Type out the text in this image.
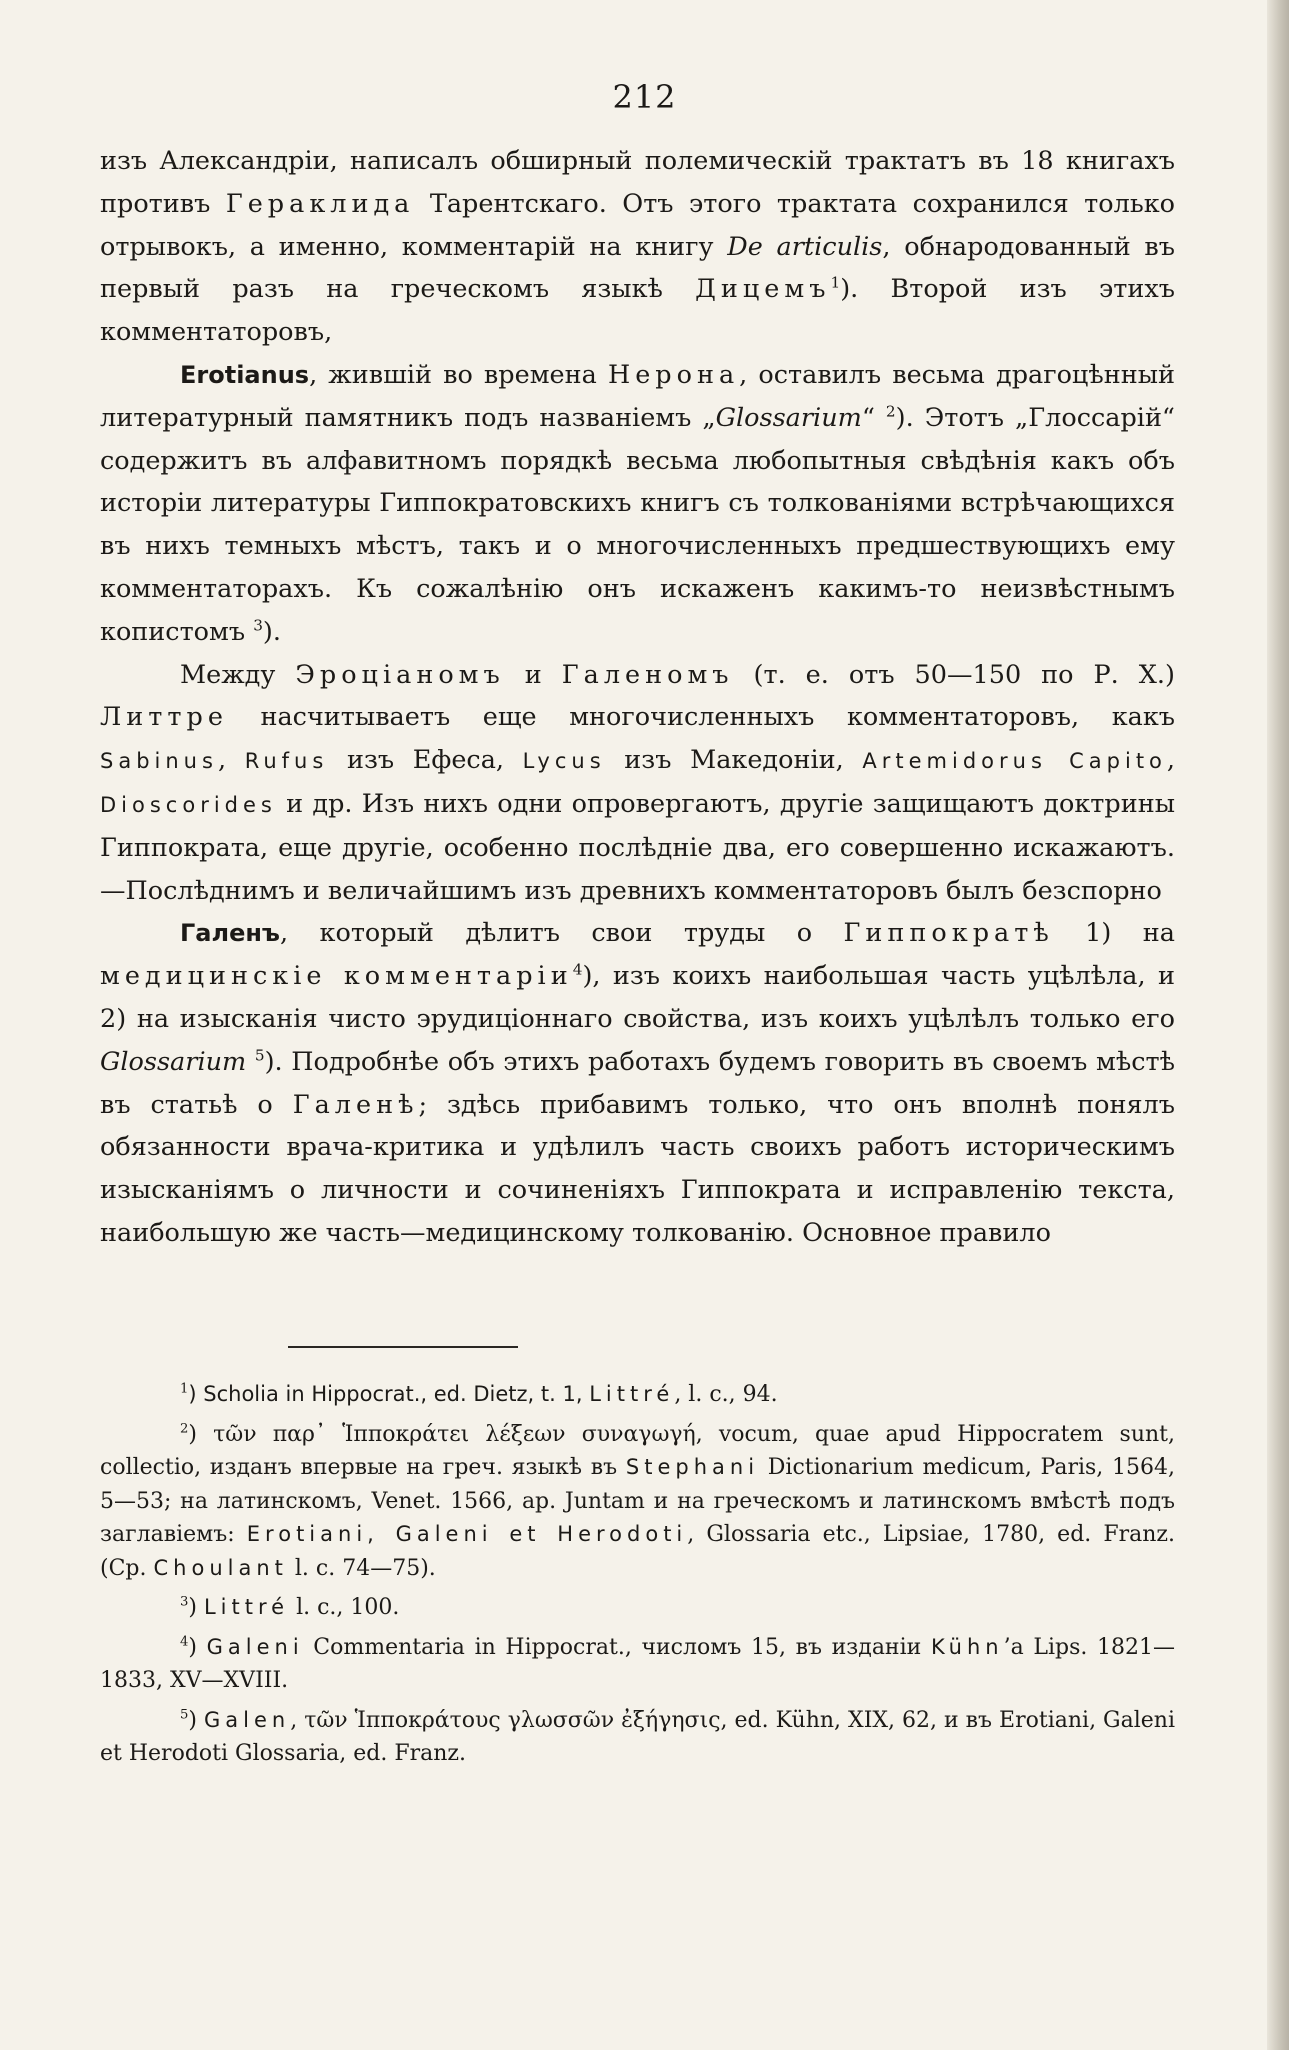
212

изъ Александріи, написалъ обширный полемическій трактатъ въ 18 книгахъ противъ Гераклида Тарентскаго. Отъ этого трактата сохранился только отрывокъ, а именно, комментарій на книгу De articulis, обнародованный въ первый разъ на греческомъ языкѣ Дицемъ$^1$). Второй изъ этихъ комментаторовъ,

Erotianus, жившій во времена Нерона, оставилъ весьма драгоцѣнный литературный памятникъ подъ названіемъ „Glossarium“ $^2$). Этотъ „Глоссарій“ содержитъ въ алфавитномъ порядкѣ весьма любопытныя свѣдѣнія какъ объ исторіи литературы Гиппократовскихъ книгъ съ толкованіями встрѣчающихся въ нихъ темныхъ мѣстъ, такъ и о многочисленныхъ предшествующихъ ему комментаторахъ. Къ сожалѣнію онъ искаженъ какимъ-то неизвѣстнымъ копистомъ $^3$).

Между Эроціаномъ и Галеномъ (т. е. отъ 50—150 по Р. Х.) Литтре насчитываетъ еще многочисленныхъ комментаторовъ, какъ Sabinus, Rufus изъ Ефеса, Lycus изъ Македоніи, Artemidorus Capito, Dioscorides и др. Изъ нихъ одни опровергаютъ, другіе защищаютъ доктрины Гиппократа, еще другіе, особенно послѣдніе два, его совершенно искажаютъ.—Послѣднимъ и величайшимъ изъ древнихъ комментаторовъ былъ безспорно

Галенъ, который дѣлитъ свои труды о Гиппократѣ 1) на медицинскіе комментаріи$^4$), изъ коихъ наибольшая часть уцѣлѣла, и 2) на изысканія чисто эрудиціоннаго свойства, изъ коихъ уцѣлѣлъ только его Glossarium $^5$). Подробнѣе объ этихъ работахъ будемъ говорить въ своемъ мѣстѣ въ статьѣ о Галенѣ; здѣсь прибавимъ только, что онъ вполнѣ понялъ обязанности врача-критика и удѣлилъ часть своихъ работъ историческимъ изысканіямъ о личности и сочиненіяхъ Гиппократа и исправленію текста, наибольшую же часть—медицинскому толкованію. Основное правило

$^1$) Scholia in Hippocrat., ed. Dietz, t. 1, Littré, l. c., 94.

$^2$) τῶν παρ᾽ Ἱπποκράτει λέξεων συναγωγή, vocum, quae apud Hippocratem sunt, collectio, изданъ впервые на греч. языкѣ въ Stephani Dictionarium medicum, Paris, 1564, 5—53; на латинскомъ, Venet. 1566, ap. Juntam и на греческомъ и латинскомъ вмѣстѣ подъ заглавіемъ: Erotiani, Galeni et Herodoti, Glossaria etc., Lipsiae, 1780, ed. Franz. (Ср. Choulant l. c. 74—75).

$^3$) Littré l. c., 100.

$^4$) Galeni Commentaria in Hippocrat., числомъ 15, въ изданіи Kühn’а Lips. 1821—1833, XV—XVIII.

$^5$) Galen, τῶν Ἱπποκράτους γλωσσῶν ἐξήγησις, ed. Kühn, XIX, 62, и въ Erotiani, Galeni et Herodoti Glossaria, ed. Franz.
